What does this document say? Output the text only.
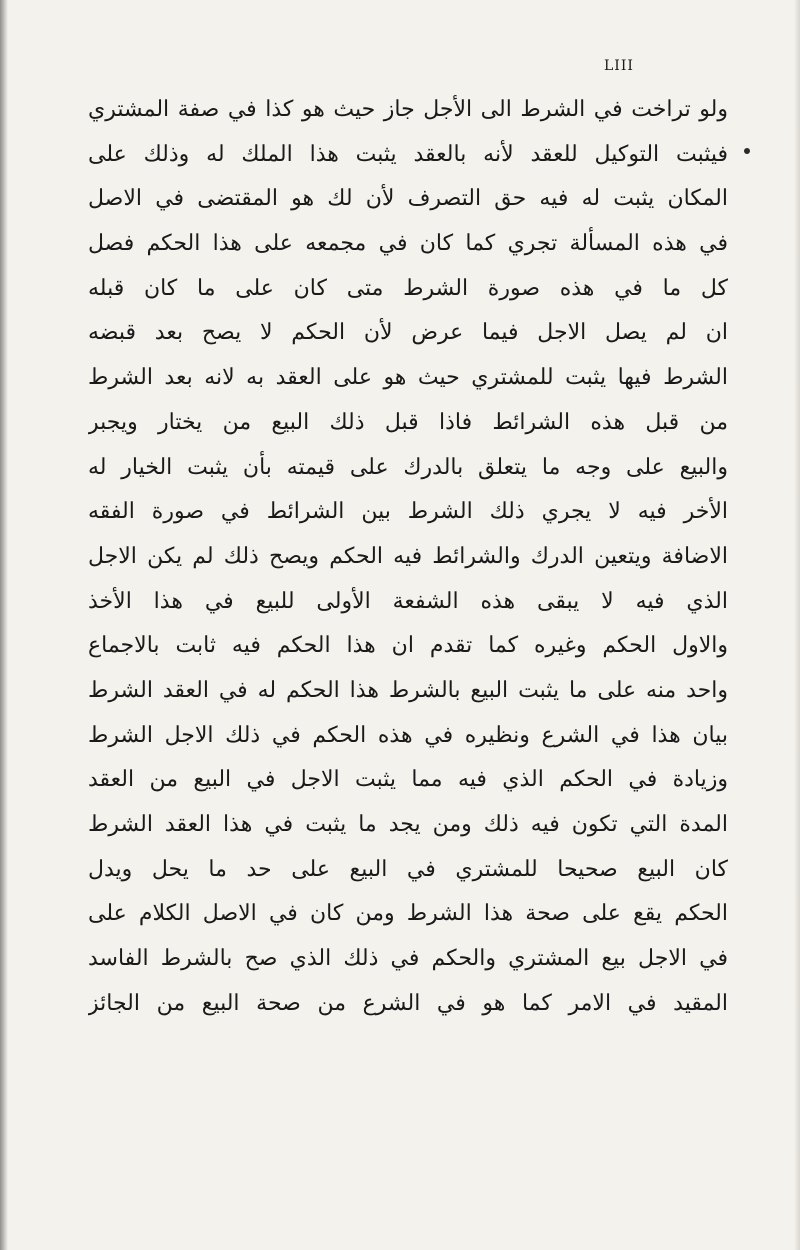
LIII
ولو تراخت في الشرط الى الأجل جاز حيث هو كذا في صفة المشتري
فيثبت التوكيل للعقد لأنه بالعقد يثبت هذا الملك له وذلك على
المكان يثبت له فيه حق التصرف لأن لك هو المقتضى في الاصل
في هذه المسألة تجري كما كان في مجمعه على هذا الحكم فصل
كل ما في هذه صورة الشرط متى كان على ما كان قبله
ان لم يصل الاجل فيما عرض لأن الحكم لا يصح بعد قبضه
الشرط فيها يثبت للمشتري حيث هو على العقد به لانه بعد الشرط
من قبل هذه الشرائط فاذا قبل ذلك البيع من يختار ويجبر
والبيع على وجه ما يتعلق بالدرك على قيمته بأن يثبت الخيار له
الأخر فيه لا يجري ذلك الشرط بين الشرائط في صورة الفقه
الاضافة ويتعين الدرك والشرائط فيه الحكم ويصح ذلك لم يكن الاجل
الذي فيه لا يبقى هذه الشفعة الأولى للبيع في هذا الأخذ
والاول الحكم وغيره كما تقدم ان هذا الحكم فيه ثابت بالاجماع
واحد منه على ما يثبت البيع بالشرط هذا الحكم له في العقد الشرط
بيان هذا في الشرع ونظيره في هذه الحكم في ذلك الاجل الشرط
وزيادة في الحكم الذي فيه مما يثبت الاجل في البيع من العقد
المدة التي تكون فيه ذلك ومن يجد ما يثبت في هذا العقد الشرط
كان البيع صحيحا للمشتري في البيع على حد ما يحل ويدل
الحكم يقع على صحة هذا الشرط ومن كان في الاصل الكلام على
في الاجل بيع المشتري والحكم في ذلك الذي صح بالشرط الفاسد
المقيد في الامر كما هو في الشرع من صحة البيع من الجائز
